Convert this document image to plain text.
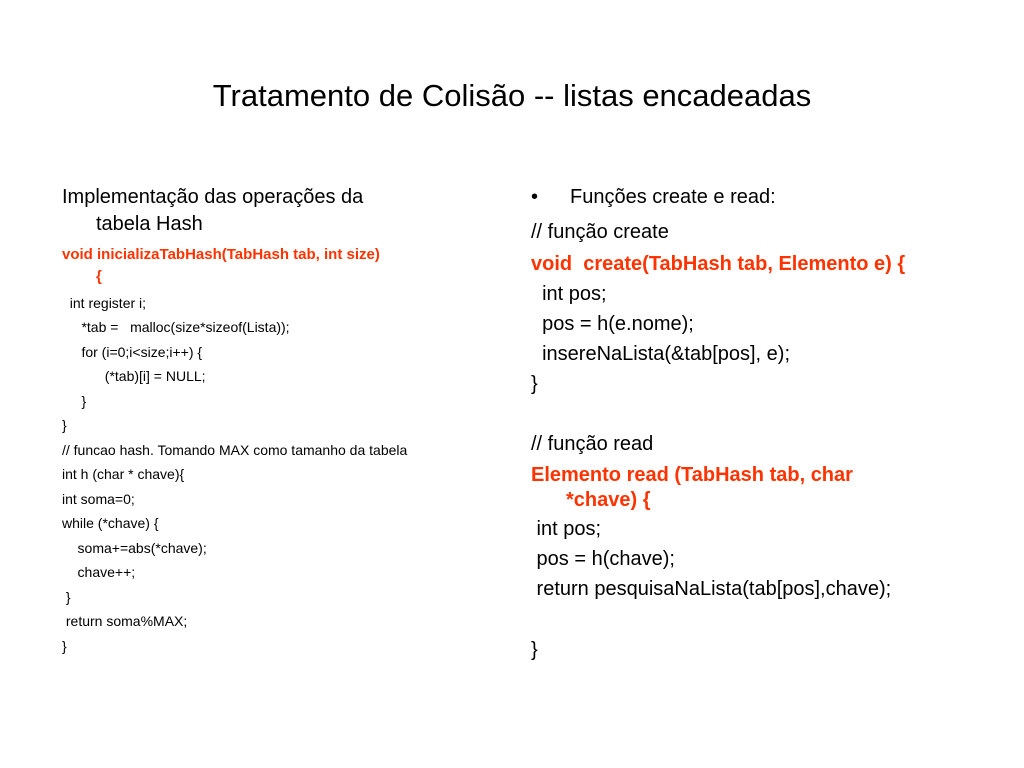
Tratamento de Colisão -- listas encadeadas
Implementação das operações da
tabela Hash
void inicializaTabHash(TabHash tab, int size)
{
int register i;
*tab =   malloc(size*sizeof(Lista));
for (i=0;i<size;i++) {
(*tab)[i] = NULL;
}
}
// funcao hash. Tomando MAX como tamanho da tabela
int h (char * chave){
int soma=0;
while (*chave) {
soma+=abs(*chave);
chave++;
}
return soma%MAX;
}
• Funções create e read:
// função create
void  create(TabHash tab, Elemento e) {
int pos;
pos = h(e.nome);
insereNaLista(&tab[pos], e);
}
// função read
Elemento read (TabHash tab, char
*chave) {
int pos;
pos = h(chave);
return pesquisaNaLista(tab[pos],chave);
}
